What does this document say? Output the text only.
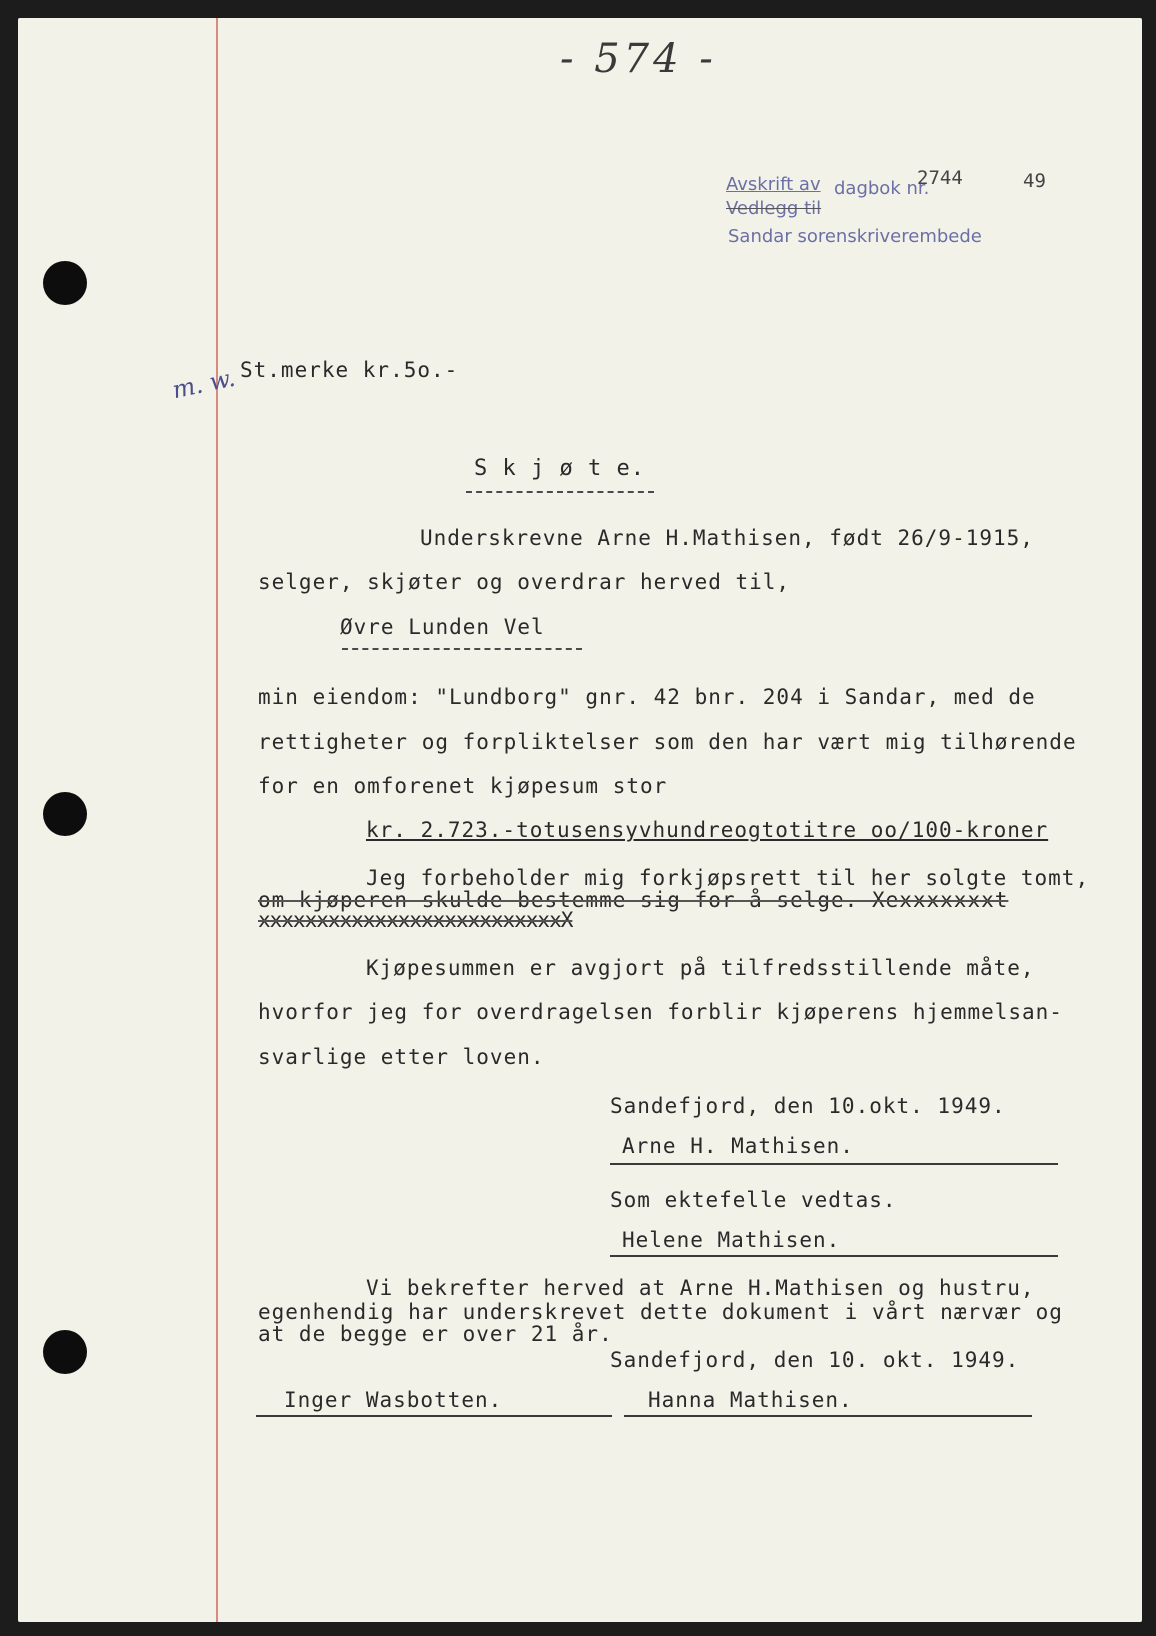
- 574 -
Avskrift av dagbok nr.
2744	49
Vedlegg til
Sandar sorenskriverembede
m. w. St.merke kr.5o.-
S k j ø t e.
Underskrevne Arne H.Mathisen, født 26/9-1915,
selger, skjøter og overdrar herved til,
Øvre Lunden Vel
min eiendom: "Lundborg" gnr. 42 bnr. 204 i Sandar, med de
rettigheter og forpliktelser som den har vært mig tilhørende
for en omforenet kjøpesum stor
kr. 2.723.-totusensyvhundreogtotitre oo/100-kroner
Jeg forbeholder mig forkjøpsrett til her solgte tomt,
om kjøperen skulde bestemme sig for å selge. Xexxxxxxxt
xxxxxxxxxxxxxxxxxxxxxxxxxxX
Kjøpesummen er avgjort på tilfredsstillende måte,
hvorfor jeg for overdragelsen forblir kjøperens hjemmelsan-
svarlige etter loven.
Sandefjord, den 10.okt. 1949.
Arne H. Mathisen.
Som ektefelle vedtas.
Helene Mathisen.
Vi bekrefter herved at Arne H.Mathisen og hustru,
egenhendig har underskrevet dette dokument i vårt nærvær og
at de begge er over 21 år.
Sandefjord, den 10. okt. 1949.
Inger Wasbotten.	Hanna Mathisen.
